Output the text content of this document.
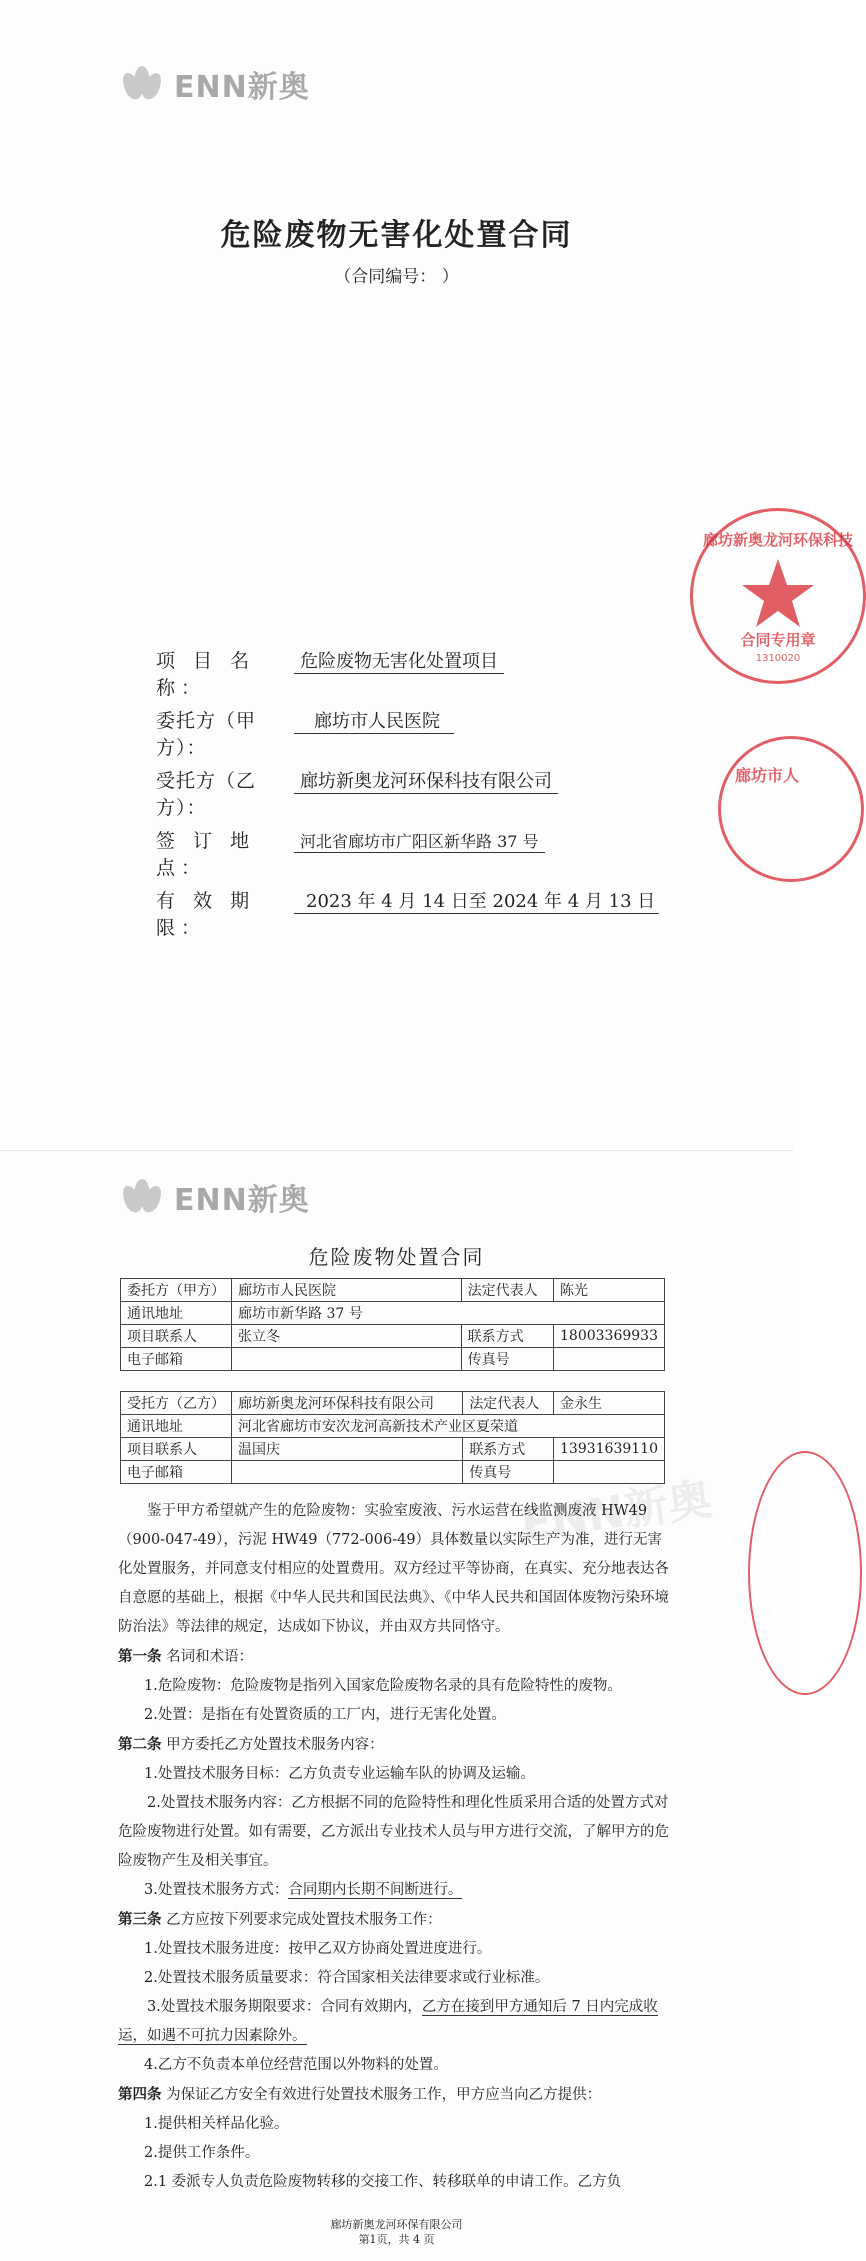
ENN新奥
危险废物无害化处置合同
（合同编号： ）
项 目 名 称：
危险废物无害化处置项目
委托方（甲 方）：
廊坊市人民医院
受托方（乙 方）：
廊坊新奥龙河环保科技有限公司
签 订 地 点：
河北省廊坊市广阳区新华路 37 号
有 效 期 限：
2023 年 4 月 14 日至 2024 年 4 月 13 日
廊坊新奥龙河环保科技
合同专用章
1310020
廊坊市人
ENN新奥
ENN新奥
危险废物处置合同
委托方（甲方）	廊坊市人民医院	法定代表人	陈光
通讯地址	廊坊市新华路 37 号		
项目联系人	张立冬	联系方式	18003369933
电子邮箱		传真号	
受托方（乙方）	廊坊新奥龙河环保科技有限公司	法定代表人	金永生
通讯地址	河北省廊坊市安次龙河高新技术产业区夏荣道		
项目联系人	温国庆	联系方式	13931639110
电子邮箱		传真号	

鉴于甲方希望就产生的危险废物：实验室废液、污水运营在线监测废液 HW49（900-047-49），污泥 HW49（772-006-49）具体数量以实际生产为准，进行无害化处置服务，并同意支付相应的处置费用。双方经过平等协商，在真实、充分地表达各自意愿的基础上，根据《中华人民共和国民法典》、《中华人民共和国固体废物污染环境防治法》等法律的规定，达成如下协议，并由双方共同恪守。

第一条 名词和术语：

1.危险废物：危险废物是指列入国家危险废物名录的具有危险特性的废物。

2.处置：是指在有处置资质的工厂内，进行无害化处置。

第二条 甲方委托乙方处置技术服务内容：

1.处置技术服务目标：乙方负责专业运输车队的协调及运输。

2.处置技术服务内容：乙方根据不同的危险特性和理化性质采用合适的处置方式对危险废物进行处置。如有需要，乙方派出专业技术人员与甲方进行交流，了解甲方的危险废物产生及相关事宜。

3.处置技术服务方式：合同期内长期不间断进行。

第三条 乙方应按下列要求完成处置技术服务工作：

1.处置技术服务进度：按甲乙双方协商处置进度进行。

2.处置技术服务质量要求：符合国家相关法律要求或行业标准。

3.处置技术服务期限要求：合同有效期内，乙方在接到甲方通知后 7 日内完成收运，如遇不可抗力因素除外。

4.乙方不负责本单位经营范围以外物料的处置。

第四条 为保证乙方安全有效进行处置技术服务工作，甲方应当向乙方提供：

1.提供相关样品化验。

2.提供工作条件。

2.1 委派专人负责危险废物转移的交接工作、转移联单的申请工作。乙方负

廊坊新奥龙河环保有限公司
第1页，共 4 页
